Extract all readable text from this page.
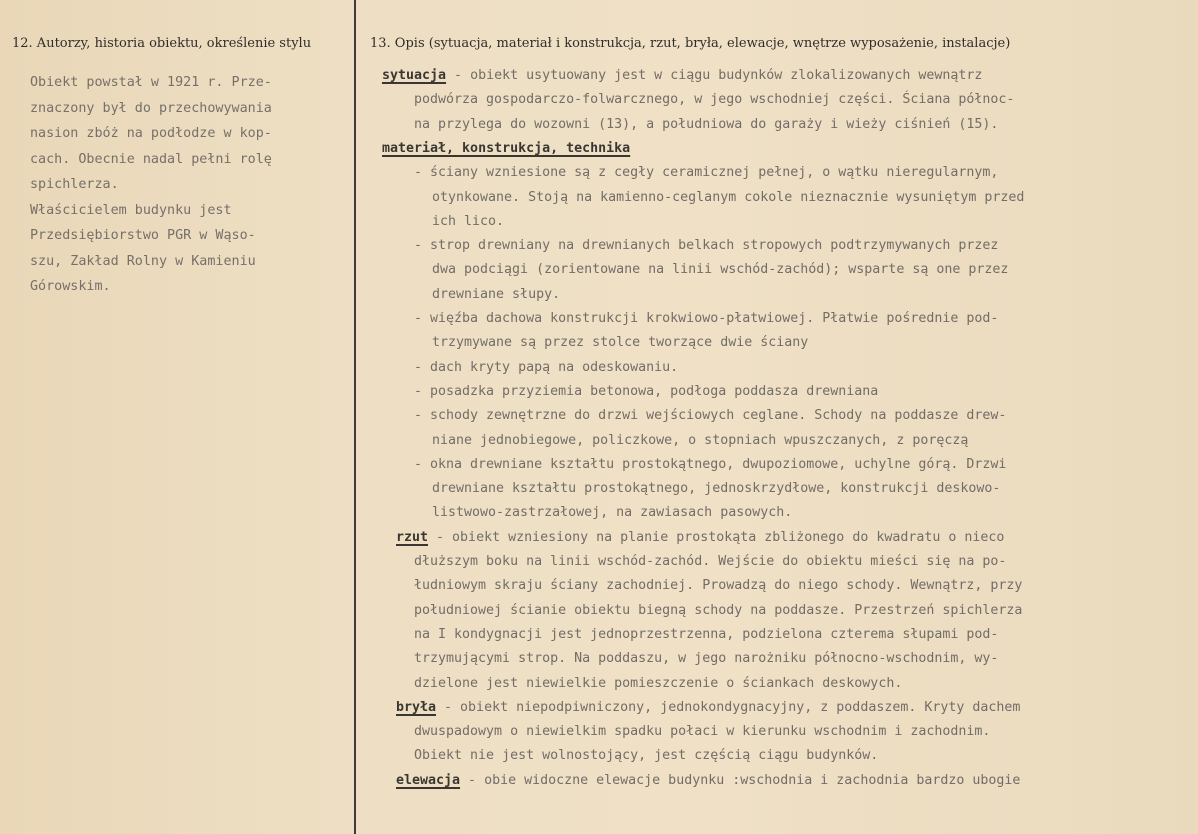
12. Autorzy, historia obiektu, określenie stylu
Obiekt powstał w 1921 r. Prze-
znaczony był do przechowywania
nasion zbóż na podłodze w kop-
cach. Obecnie nadal pełni rolę
spichlerza.
Właścicielem budynku jest
Przedsiębiorstwo PGR w Wąso-
szu, Zakład Rolny w Kamieniu
Górowskim.
13. Opis (sytuacja, materiał i konstrukcja, rzut, bryła, elewacje, wnętrze wyposażenie, instalacje)
sytuacja - obiekt usytuowany jest w ciągu budynków zlokalizowanych wewnątrz
podwórza gospodarczo-folwarcznego, w jego wschodniej części. Ściana północ-
na przylega do wozowni (13), a południowa do garaży i wieży ciśnień (15).
materiał, konstrukcja, technika
- ściany wzniesione są z cegły ceramicznej pełnej, o wątku nieregularnym,
otynkowane. Stoją na kamienno-ceglanym cokole nieznacznie wysuniętym przed
ich lico.
- strop drewniany na drewnianych belkach stropowych podtrzymywanych przez
dwa podciągi (zorientowane na linii wschód-zachód); wsparte są one przez
drewniane słupy.
- więźba dachowa konstrukcji krokwiowo-płatwiowej. Płatwie pośrednie pod-
trzymywane są przez stolce tworzące dwie ściany
- dach kryty papą na odeskowaniu.
- posadzka przyziemia betonowa, podłoga poddasza drewniana
- schody zewnętrzne do drzwi wejściowych ceglane. Schody na poddasze drew-
niane jednobiegowe, policzkowe, o stopniach wpuszczanych, z poręczą
- okna drewniane kształtu prostokątnego, dwupoziomowe, uchylne górą. Drzwi
drewniane kształtu prostokątnego, jednoskrzydłowe, konstrukcji deskowo-
listwowo-zastrzałowej, na zawiasach pasowych.
rzut - obiekt wzniesiony na planie prostokąta zbliżonego do kwadratu o nieco
dłuższym boku na linii wschód-zachód. Wejście do obiektu mieści się na po-
łudniowym skraju ściany zachodniej. Prowadzą do niego schody. Wewnątrz, przy
południowej ścianie obiektu biegną schody na poddasze. Przestrzeń spichlerza
na I kondygnacji jest jednoprzestrzenna, podzielona czterema słupami pod-
trzymującymi strop. Na poddaszu, w jego narożniku północno-wschodnim, wy-
dzielone jest niewielkie pomieszczenie o ściankach deskowych.
bryła - obiekt niepodpiwniczony, jednokondygnacyjny, z poddaszem. Kryty dachem
dwuspadowym o niewielkim spadku połaci w kierunku wschodnim i zachodnim.
Obiekt nie jest wolnostojący, jest częścią ciągu budynków.
elewacja - obie widoczne elewacje budynku :wschodnia i zachodnia bardzo ubogie
